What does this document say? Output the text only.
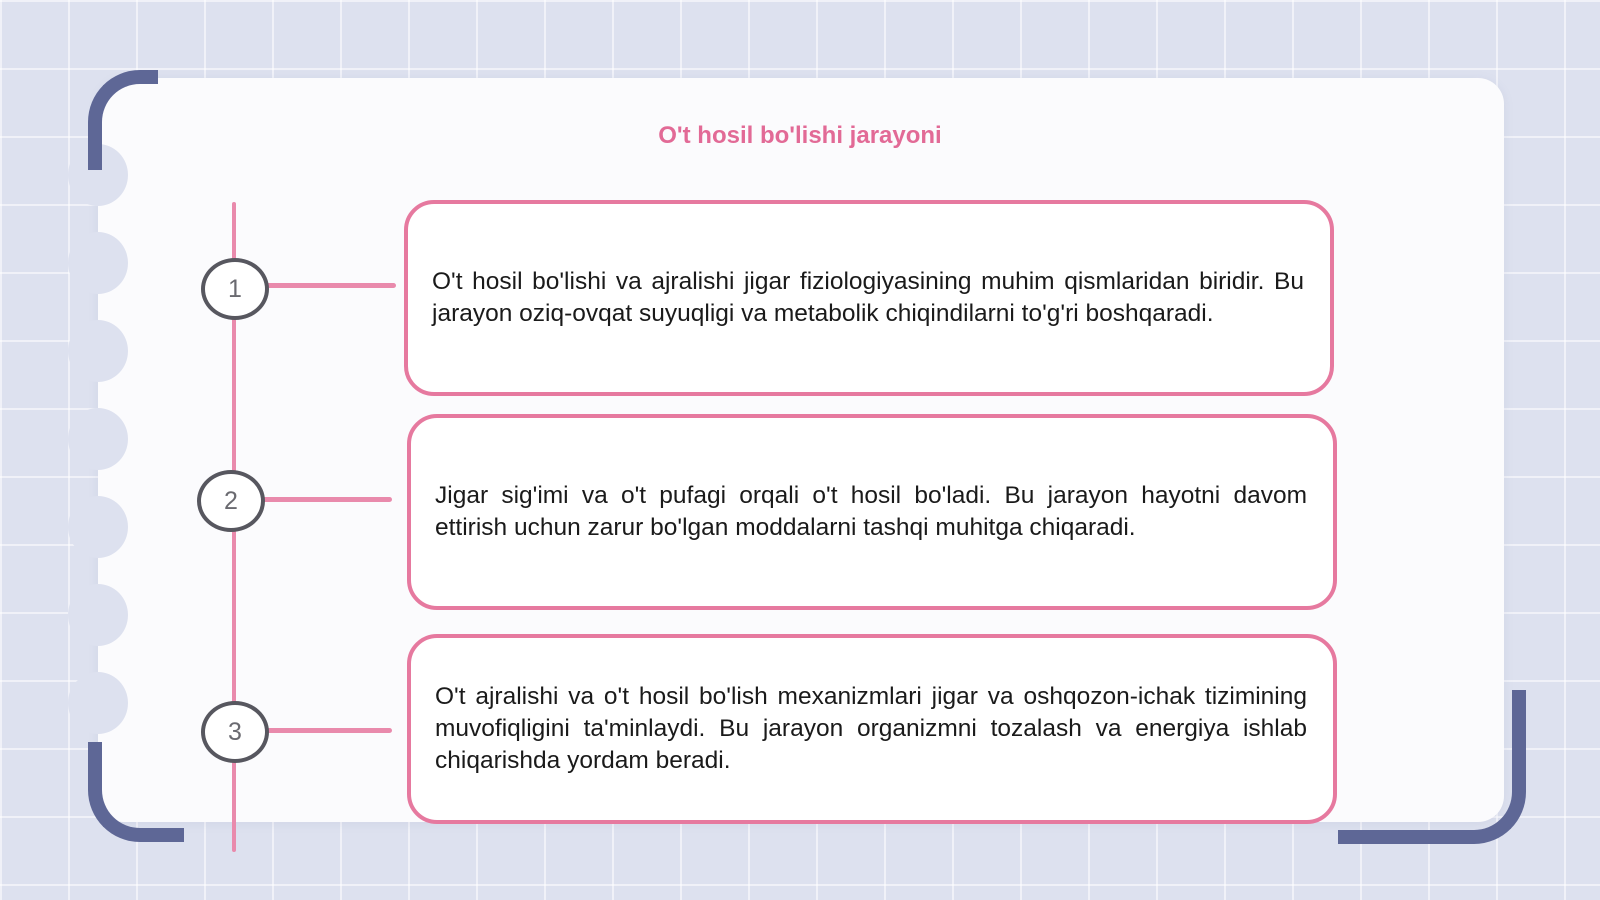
O't hosil bo'lishi jarayoni
1
2
3

O't hosil bo'lishi va ajralishi jigar fiziologiyasining muhim qismlaridan biridir. Bu jarayon oziq-ovqat suyuqligi va metabolik chiqindilarni to'g'ri boshqaradi.

Jigar sig'imi va o't pufagi orqali o't hosil bo'ladi. Bu jarayon hayotni davom ettirish uchun zarur bo'lgan moddalarni tashqi muhitga chiqaradi.

O't ajralishi va o't hosil bo'lish mexanizmlari jigar va oshqozon-ichak tizimining muvofiqligini ta'minlaydi. Bu jarayon organizmni tozalash va energiya ishlab chiqarishda yordam beradi.
